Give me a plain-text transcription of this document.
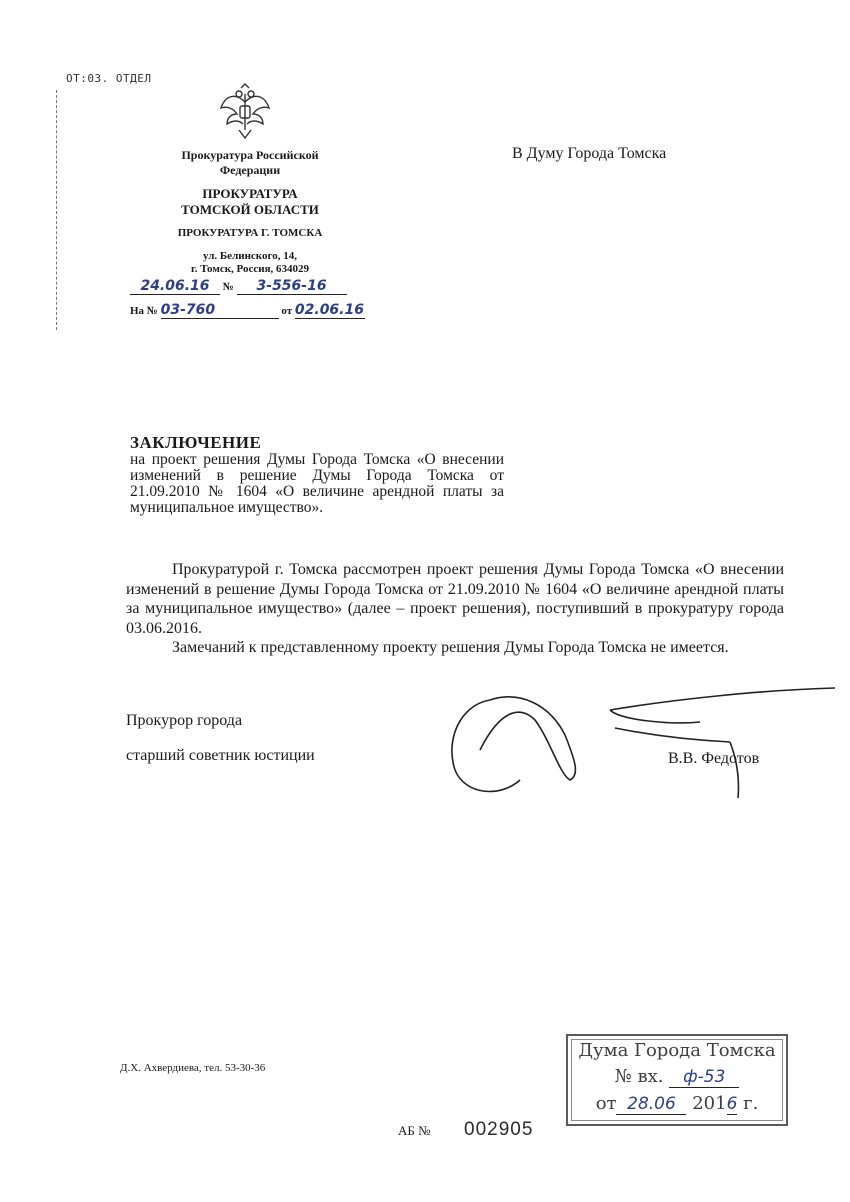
ОТ:03. ОТДЕЛ
Прокуратура Российской
Федерации
ПРОКУРАТУРА
ТОМСКОЙ ОБЛАСТИ
ПРОКУРАТУРА Г. ТОМСКА
ул. Белинского, 14,
г. Томск, Россия, 634029
24.06.16 № 3-556-16
На № 03-760	от 02.06.16
В Думу Города Томска
ЗАКЛЮЧЕНИЕ
на проект решения Думы Города Томска «О внесении изменений в решение Думы Города Томска от 21.09.2010 № 1604 «О величине арендной платы за муниципальное имущество».

Прокуратурой г. Томска рассмотрен проект решения Думы Города Томска «О внесении изменений в решение Думы Города Томска от 21.09.2010 № 1604 «О величине арендной платы за муниципальное имущество» (далее – проект решения), поступивший в прокуратуру города 03.06.2016.

Замечаний к представленному проекту решения Думы Города Томска не имеется.

Прокурор города
старший советник юстиции	В.В. Федотов
Д.Х. Ахвердиева, тел. 53-30-36
Дума Города Томска
№ вх. ф-53
от 28.06 2016 г.
АБ № 002905
